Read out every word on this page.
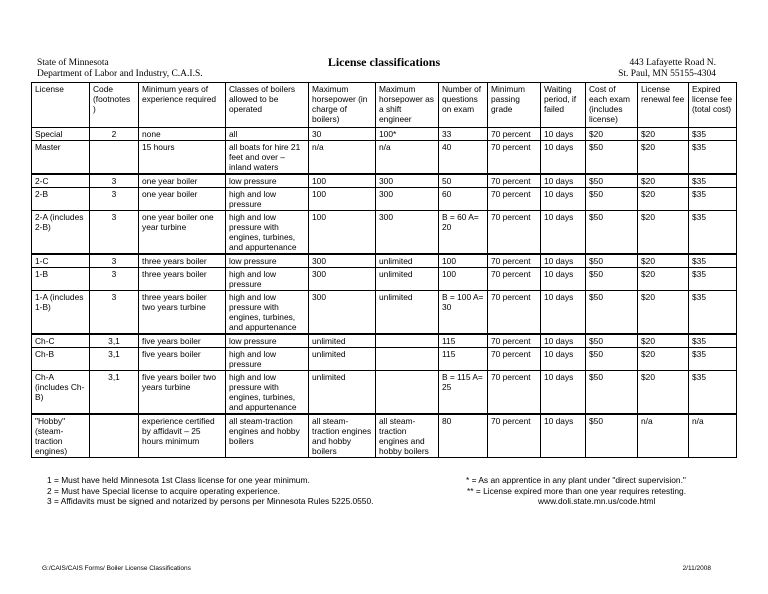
State of Minnesota
Department of Labor and Industry, C.A.I.S.
License classifications	443 Lafayette Road N.
St. Paul, MN 55155-4304
License	Code (footnotes )	Minimum years of experience required	Classes of boilers allowed to be operated	Maximum horsepower (in charge of boilers)	Maximum horsepower as a shift engineer	Number of questions on exam	Minimum passing grade	Waiting period, if failed	Cost of each exam (includes license)	License renewal fee	Expired license fee (total cost)
Special	2	none	all	30	100*	33	70 percent	10 days	$20	$20	$35
Master		15 hours	all boats for hire 21 feet and over – inland waters	n/a	n/a	40	70 percent	10 days	$50	$20	$35
2-C	3	one year boiler	low pressure	100	300	50	70 percent	10 days	$50	$20	$35
2-B	3	one year boiler	high and low pressure	100	300	60	70 percent	10 days	$50	$20	$35
2-A (includes 2-B)	3	one year boiler one year turbine	high and low pressure with engines, turbines, and appurtenance	100	300	B = 60 A= 20	70 percent	10 days	$50	$20	$35
1-C	3	three years boiler	low pressure	300	unlimited	100	70 percent	10 days	$50	$20	$35
1-B	3	three years boiler	high and low pressure	300	unlimited	100	70 percent	10 days	$50	$20	$35
1-A (includes 1-B)	3	three years boiler two years turbine	high and low pressure with engines, turbines, and appurtenance	300	unlimited	B = 100 A= 30	70 percent	10 days	$50	$20	$35
Ch-C	3,1	five years boiler	low pressure	unlimited		115	70 percent	10 days	$50	$20	$35
Ch-B	3,1	five years boiler	high and low pressure	unlimited		115	70 percent	10 days	$50	$20	$35
Ch-A (includes Ch-B)	3,1	five years boiler two years turbine	high and low pressure with engines, turbines, and appurtenance	unlimited		B = 115 A= 25	70 percent	10 days	$50	$20	$35
"Hobby" (steam-traction engines)		experience certified by affidavit – 25 hours minimum	all steam-traction engines and hobby boilers	all steam-traction engines and hobby boilers	all steam-traction engines and hobby boilers	80	70 percent	10 days	$50	n/a	n/a
1 = Must have held Minnesota 1st Class license for one year minimum.
2 = Must have Special license to acquire operating experience.
3 = Affidavits must be signed and notarized by persons per Minnesota Rules 5225.0550.
* = As an apprentice in any plant under "direct supervision."
** = License expired more than one year requires retesting.
www.doli.state.mn.us/code.html
G:/CAIS/CAIS Forms/ Boiler License Classifications	2/11/2008
